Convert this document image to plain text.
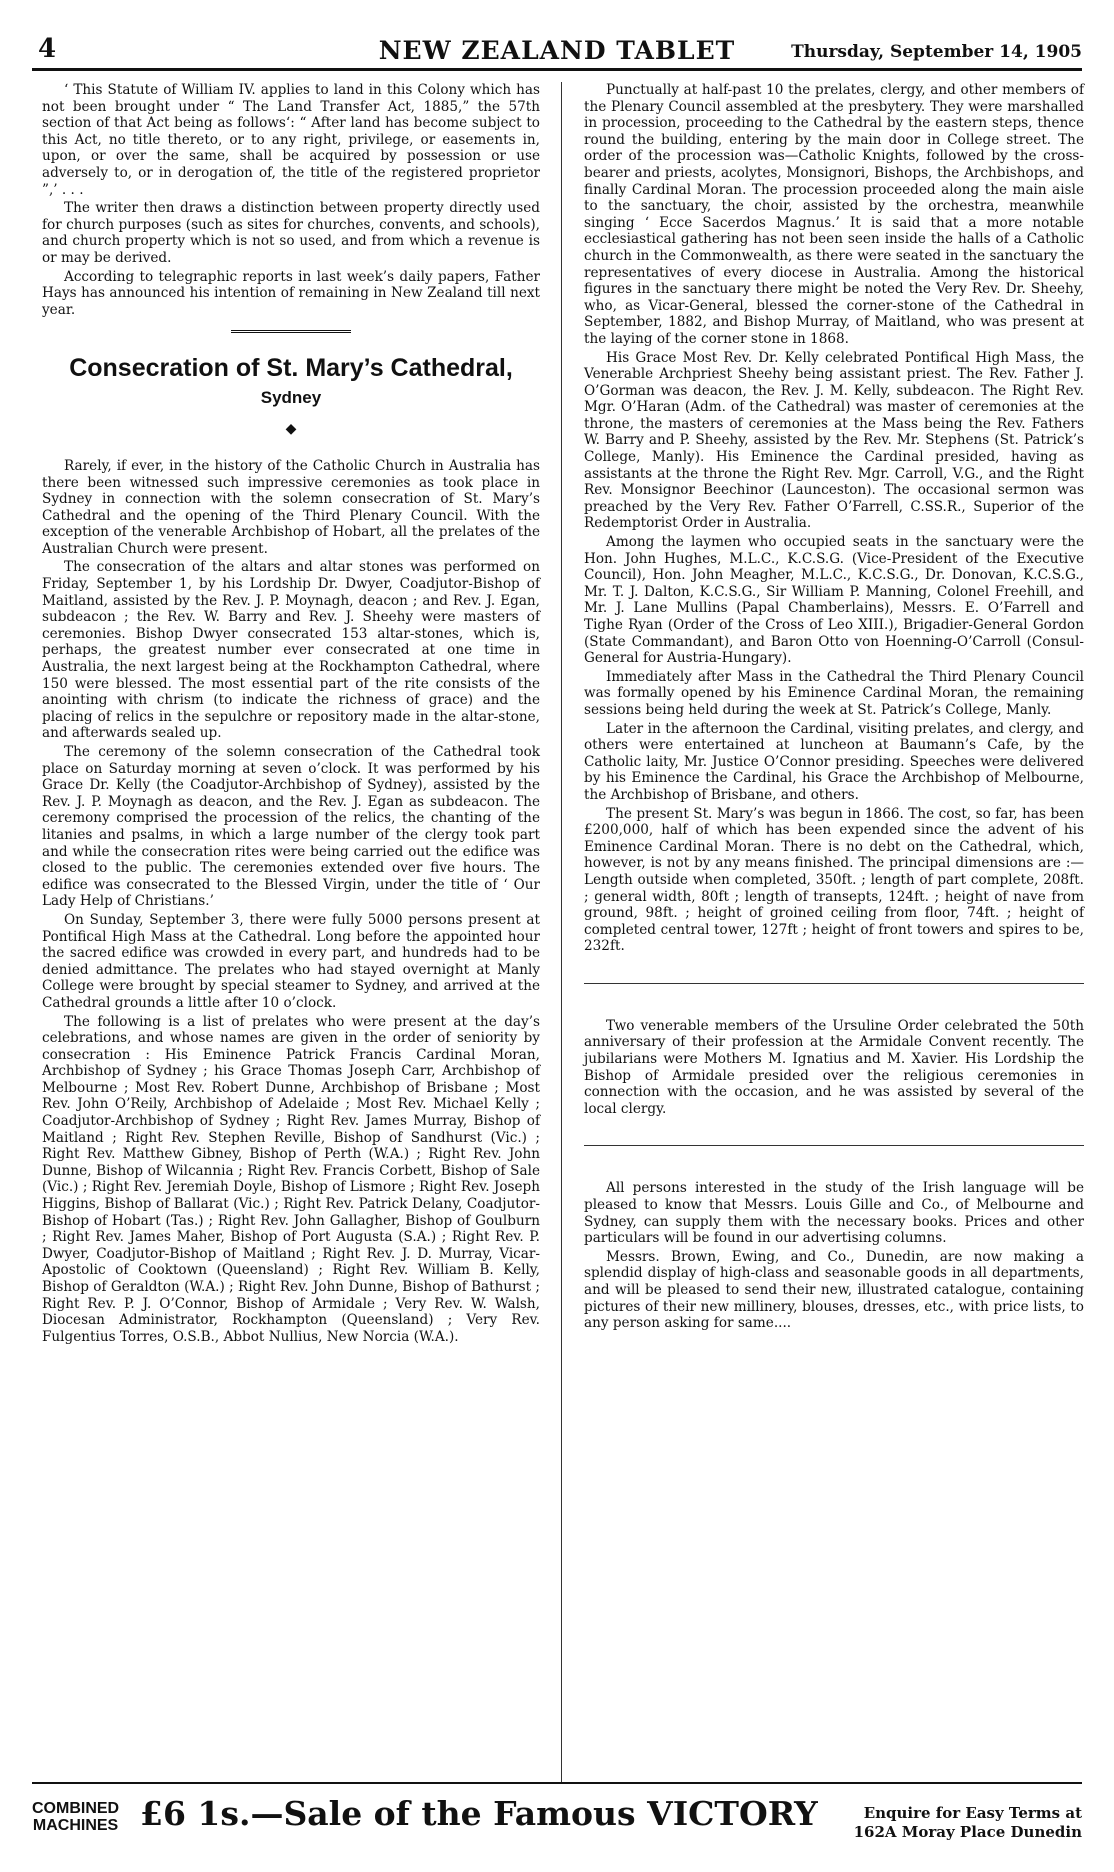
4	NEW ZEALAND TABLET	Thursday, September 14, 1905

‘ This Statute of William IV. applies to land in this Colony which has not been brought under “ The Land Transfer Act, 1885,” the 57th section of that Act being as follows‘: “ After land has become subject to this Act, no title thereto, or to any right, privilege, or easements in, upon, or over the same, shall be acquired by possession or use adversely to, or in derogation of, the title of the registered proprietor ”,’ . . .

The writer then draws a distinction between property directly used for church purposes (such as sites for churches, convents, and schools), and church property which is not so used, and from which a revenue is or may be derived.

According to telegraphic reports in last week’s daily papers, Father Hays has announced his intention of remaining in New Zealand till next year.

Consecration of St. Mary’s Cathedral,
Sydney
◆

Rarely, if ever, in the history of the Catholic Church in Australia has there been witnessed such impressive ceremonies as took place in Sydney in connection with the solemn consecration of St. Mary’s Cathedral and the opening of the Third Plenary Council. With the exception of the venerable Archbishop of Hobart, all the prelates of the Australian Church were present.

The consecration of the altars and altar stones was performed on Friday, September 1, by his Lordship Dr. Dwyer, Coadjutor-Bishop of Maitland, assisted by the Rev. J. P. Moynagh, deacon ; and Rev. J. Egan, subdeacon ; the Rev. W. Barry and Rev. J. Sheehy were masters of ceremonies. Bishop Dwyer consecrated 153 altar-stones, which is, perhaps, the greatest number ever consecrated at one time in Australia, the next largest being at the Rockhampton Cathedral, where 150 were blessed. The most essential part of the rite consists of the anointing with chrism (to indicate the richness of grace) and the placing of relics in the sepulchre or repository made in the altar-stone, and afterwards sealed up.

The ceremony of the solemn consecration of the Cathedral took place on Saturday morning at seven o’clock. It was performed by his Grace Dr. Kelly (the Coadjutor-Archbishop of Sydney), assisted by the Rev. J. P. Moynagh as deacon, and the Rev. J. Egan as subdeacon. The ceremony comprised the procession of the relics, the chanting of the litanies and psalms, in which a large number of the clergy took part and while the consecration rites were being carried out the edifice was closed to the public. The ceremonies extended over five hours. The edifice was consecrated to the Blessed Virgin, under the title of ‘ Our Lady Help of Christians.’

On Sunday, September 3, there were fully 5000 persons present at Pontifical High Mass at the Cathedral. Long before the appointed hour the sacred edifice was crowded in every part, and hundreds had to be denied admittance. The prelates who had stayed overnight at Manly College were brought by special steamer to Sydney, and arrived at the Cathedral grounds a little after 10 o’clock.

The following is a list of prelates who were present at the day’s celebrations, and whose names are given in the order of seniority by consecration : His Eminence Patrick Francis Cardinal Moran, Archbishop of Sydney ; his Grace Thomas Joseph Carr, Archbishop of Melbourne ; Most Rev. Robert Dunne, Archbishop of Brisbane ; Most Rev. John O’Reily, Archbishop of Adelaide ; Most Rev. Michael Kelly ; Coadjutor-Archbishop of Sydney ; Right Rev. James Murray, Bishop of Maitland ; Right Rev. Stephen Reville, Bishop of Sandhurst (Vic.) ; Right Rev. Matthew Gibney, Bishop of Perth (W.A.) ; Right Rev. John Dunne, Bishop of Wilcannia ; Right Rev. Francis Corbett, Bishop of Sale (Vic.) ; Right Rev. Jeremiah Doyle, Bishop of Lismore ; Right Rev. Joseph Higgins, Bishop of Ballarat (Vic.) ; Right Rev. Patrick Delany, Coadjutor-Bishop of Hobart (Tas.) ; Right Rev. John Gallagher, Bishop of Goulburn ; Right Rev. James Maher, Bishop of Port Augusta (S.A.) ; Right Rev. P. Dwyer, Coadjutor-Bishop of Maitland ; Right Rev. J. D. Murray, Vicar-Apostolic of Cooktown (Queensland) ; Right Rev. William B. Kelly, Bishop of Geraldton (W.A.) ; Right Rev. John Dunne, Bishop of Bathurst ; Right Rev. P. J. O’Connor, Bishop of Armidale ; Very Rev. W. Walsh, Diocesan Administrator, Rockhampton (Queensland) ; Very Rev. Fulgentius Torres, O.S.B., Abbot Nullius, New Norcia (W.A.).

Punctually at half-past 10 the prelates, clergy, and other members of the Plenary Council assembled at the presbytery. They were marshalled in procession, proceeding to the Cathedral by the eastern steps, thence round the building, entering by the main door in College street. The order of the procession was—Catholic Knights, followed by the cross-bearer and priests, acolytes, Monsignori, Bishops, the Archbishops, and finally Cardinal Moran. The procession proceeded along the main aisle to the sanctuary, the choir, assisted by the orchestra, meanwhile singing ‘ Ecce Sacerdos Magnus.’ It is said that a more notable ecclesiastical gathering has not been seen inside the halls of a Catholic church in the Commonwealth, as there were seated in the sanctuary the representatives of every diocese in Australia. Among the historical figures in the sanctuary there might be noted the Very Rev. Dr. Sheehy, who, as Vicar-General, blessed the corner-stone of the Cathedral in September, 1882, and Bishop Murray, of Maitland, who was present at the laying of the corner stone in 1868.

His Grace Most Rev. Dr. Kelly celebrated Pontifical High Mass, the Venerable Archpriest Sheehy being assistant priest. The Rev. Father J. O’Gorman was deacon, the Rev. J. M. Kelly, subdeacon. The Right Rev. Mgr. O’Haran (Adm. of the Cathedral) was master of ceremonies at the throne, the masters of ceremonies at the Mass being the Rev. Fathers W. Barry and P. Sheehy, assisted by the Rev. Mr. Stephens (St. Patrick’s College, Manly). His Eminence the Cardinal presided, having as assistants at the throne the Right Rev. Mgr. Carroll, V.G., and the Right Rev. Monsignor Beechinor (Launceston). The occasional sermon was preached by the Very Rev. Father O’Farrell, C.SS.R., Superior of the Redemptorist Order in Australia.

Among the laymen who occupied seats in the sanctuary were the Hon. John Hughes, M.L.C., K.C.S.G. (Vice-President of the Executive Council), Hon. John Meagher, M.L.C., K.C.S.G., Dr. Donovan, K.C.S.G., Mr. T. J. Dalton, K.C.S.G., Sir William P. Manning, Colonel Freehill, and Mr. J. Lane Mullins (Papal Chamberlains), Messrs. E. O’Farrell and Tighe Ryan (Order of the Cross of Leo XIII.), Brigadier-General Gordon (State Commandant), and Baron Otto von Hoenning-O’Carroll (Consul-General for Austria-Hungary).

Immediately after Mass in the Cathedral the Third Plenary Council was formally opened by his Eminence Cardinal Moran, the remaining sessions being held during the week at St. Patrick’s College, Manly.

Later in the afternoon the Cardinal, visiting prelates, and clergy, and others were entertained at luncheon at Baumann’s Cafe, by the Catholic laity, Mr. Justice O’Connor presiding. Speeches were delivered by his Eminence the Cardinal, his Grace the Archbishop of Melbourne, the Archbishop of Brisbane, and others.

The present St. Mary’s was begun in 1866. The cost, so far, has been £200,000, half of which has been expended since the advent of his Eminence Cardinal Moran. There is no debt on the Cathedral, which, however, is not by any means finished. The principal dimensions are :—Length outside when completed, 350ft. ; length of part complete, 208ft. ; general width, 80ft ; length of transepts, 124ft. ; height of nave from ground, 98ft. ; height of groined ceiling from floor, 74ft. ; height of completed central tower, 127ft ; height of front towers and spires to be, 232ft.

Two venerable members of the Ursuline Order celebrated the 50th anniversary of their profession at the Armidale Convent recently. The jubilarians were Mothers M. Ignatius and M. Xavier. His Lordship the Bishop of Armidale presided over the religious ceremonies in connection with the occasion, and he was assisted by several of the local clergy.

All persons interested in the study of the Irish language will be pleased to know that Messrs. Louis Gille and Co., of Melbourne and Sydney, can supply them with the necessary books. Prices and other particulars will be found in our advertising columns.

Messrs. Brown, Ewing, and Co., Dunedin, are now making a splendid display of high-class and seasonable goods in all departments, and will be pleased to send their new, illustrated catalogue, containing pictures of their new millinery, blouses, dresses, etc., with price lists, to any person asking for same....

COMBINED
MACHINES £6 1s.—Sale of the Famous VICTORY	Enquire for Easy Terms at
162A Moray Place Dunedin
